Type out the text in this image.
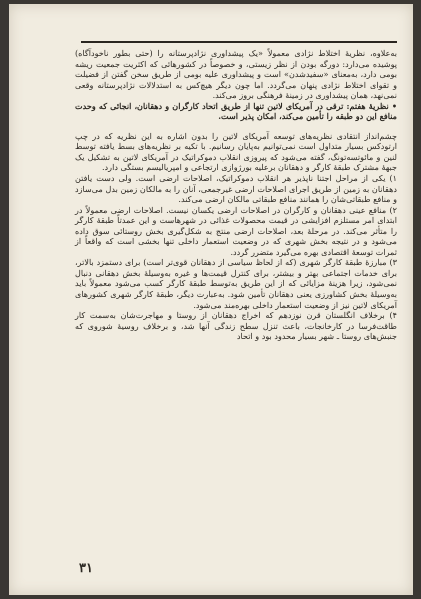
به‌علاوه، نظریهٔ اختلاط نژادی معمولاً «یک پیشداوری نژادپرستانه را (حتی بطور ناخودآگاه) پوشیده می‌دارد: دورگه بودن از نظر زیستی، و خصوصاً در کشورهائی که اکثریت جمعیت ریشه بومی دارد، به‌معنای «سفیدشدن» است و پیشداوری علیه بومی از طریق سخن گفتن از فضیلت و تقوای اختلاط نژادی پنهان می‌گردد. اما چون دیگر هیچ‌کس به استدلالات نژادپرستانه وقعی نمی‌نهد، همان پیشداوری در زمینهٔ فرهنگی بروز می‌کند.

• نظریهٔ هفتم: ترقی در آمریکای لاتین تنها از طریق اتحاد کارگران و دهقانان، انجائی که وحدت منافع این دو طبقه را تأمین می‌کند، امکان پذیر است.

چشم‌انداز انتقادی نظریه‌های توسعه آمریکای لاتین را بدون اشاره به این نظریه که در چپ ارتودکس بسیار متداول است نمی‌توانیم به‌پایان رسانیم. با تکیه بر نظریه‌های بسط یافته توسط لنین و مائوتسه‌تونگ، گفته می‌شود که پیروزی انقلاب دموکراتیک در آمریکای لاتین به تشکیل یک جبههٔ مشترک طبقهٔ کارگر و دهقانان برعلیه بورژوازی ارتجاعی و امپریالیسم بستگی دارد.

۱) یکی از مراحل اجتنا ناپذیر هر انقلاب دموکراتیک، اصلاحات ارضی است. ولی دست یافتن دهقانان به زمین از طریق اجرای اصلاحات ارضی غیرجمعی، آنان را به مالکان زمین بدل می‌سازد و منافع طبقاتی‌شان را همانند منافع طبقاتی مالکان ارضی می‌کند.

۲) منافع عینی دهقانان و کارگران در اصلاحات ارضی یکسان نیست. اصلاحات ارضی معمولاً در ابتدای امر مستلزم افزایشی در قیمت محصولات غذائی در شهرهاست و این عمدتاً طبقهٔ کارگر را متأثر می‌کند. در مرحلهٔ بعد، اصلاحات ارضی منتج به شکل‌گیری بخش روستائی سوق داده می‌شود و در نتیجه بخش شهری که در وضعیت استعمار داخلی تنها بخشی است که واقعاً از ثمرات توسعهٔ اقتصادی بهره می‌گیرد متضرر گردد.

۳) مبارزهٔ طبقهٔ کارگر شهری (که از لحاظ سیاسی از دهقانان قوی‌تر است) برای دستمزد بالاتر، برای خدمات اجتماعی بهتر و بیشتر، برای کنترل قیمت‌ها و غیره به‌وسیلهٔ بخش دهقانی دنبال نمی‌شود، زیرا هزینهٔ مزایائی که از این طریق به‌توسط طبقهٔ کارگر کسب می‌شود معمولاً باید به‌وسیلهٔ بخش کشاورزی یعنی دهقانان تأمین شود. به‌عبارت دیگر، طبقهٔ کارگر شهری کشورهای آمریکای لاتین نیز از وضعیت استعمار داخلی بهره‌مند می‌شود.

۴) برخلاف انگلستان قرن نوزدهم که اخراج دهقانان از روستا و مهاجرت‌شان به‌سمت کار طاقت‌فرسا در کارخانجات، باعث تنزل سطح زندگی آنها شد، و برخلاف روسیهٔ شوروی که جنبش‌های روستا ـ شهر بسیار محدود بود و اتحاد

۳۱
